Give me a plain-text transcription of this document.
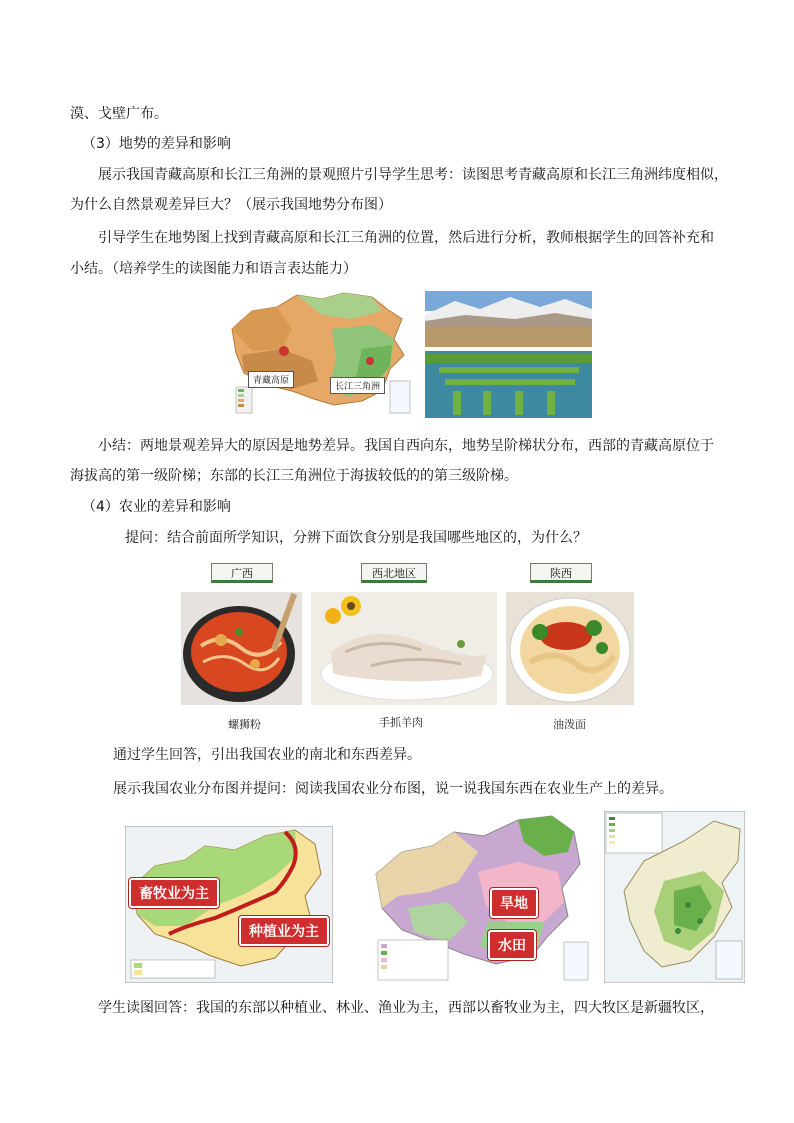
漠、戈壁广布。
（3）地势的差异和影响
展示我国青藏高原和长江三角洲的景观照片引导学生思考：读图思考青藏高原和长江三角洲纬度相似，
为什么自然景观差异巨大？（展示我国地势分布图）
引导学生在地势图上找到青藏高原和长江三角洲的位置，然后进行分析，教师根据学生的回答补充和
小结。（培养学生的读图能力和语言表达能力）
青藏高原
长江三角洲
小结：两地景观差异大的原因是地势差异。我国自西向东，地势呈阶梯状分布，西部的青藏高原位于
海拔高的第一级阶梯；东部的长江三角洲位于海拔较低的的第三级阶梯。
（4）农业的差异和影响
提问：结合前面所学知识，分辨下面饮食分别是我国哪些地区的，为什么？
广西	西北地区	陕西
螺狮粉	手抓羊肉	油泼面
通过学生回答，引出我国农业的南北和东西差异。
展示我国农业分布图并提问：阅读我国农业分布图，说一说我国东西在农业生产上的差异。
畜牧业为主
种植业为主
旱地
水田
学生读图回答：我国的东部以种植业、林业、渔业为主，西部以畜牧业为主，四大牧区是新疆牧区，
